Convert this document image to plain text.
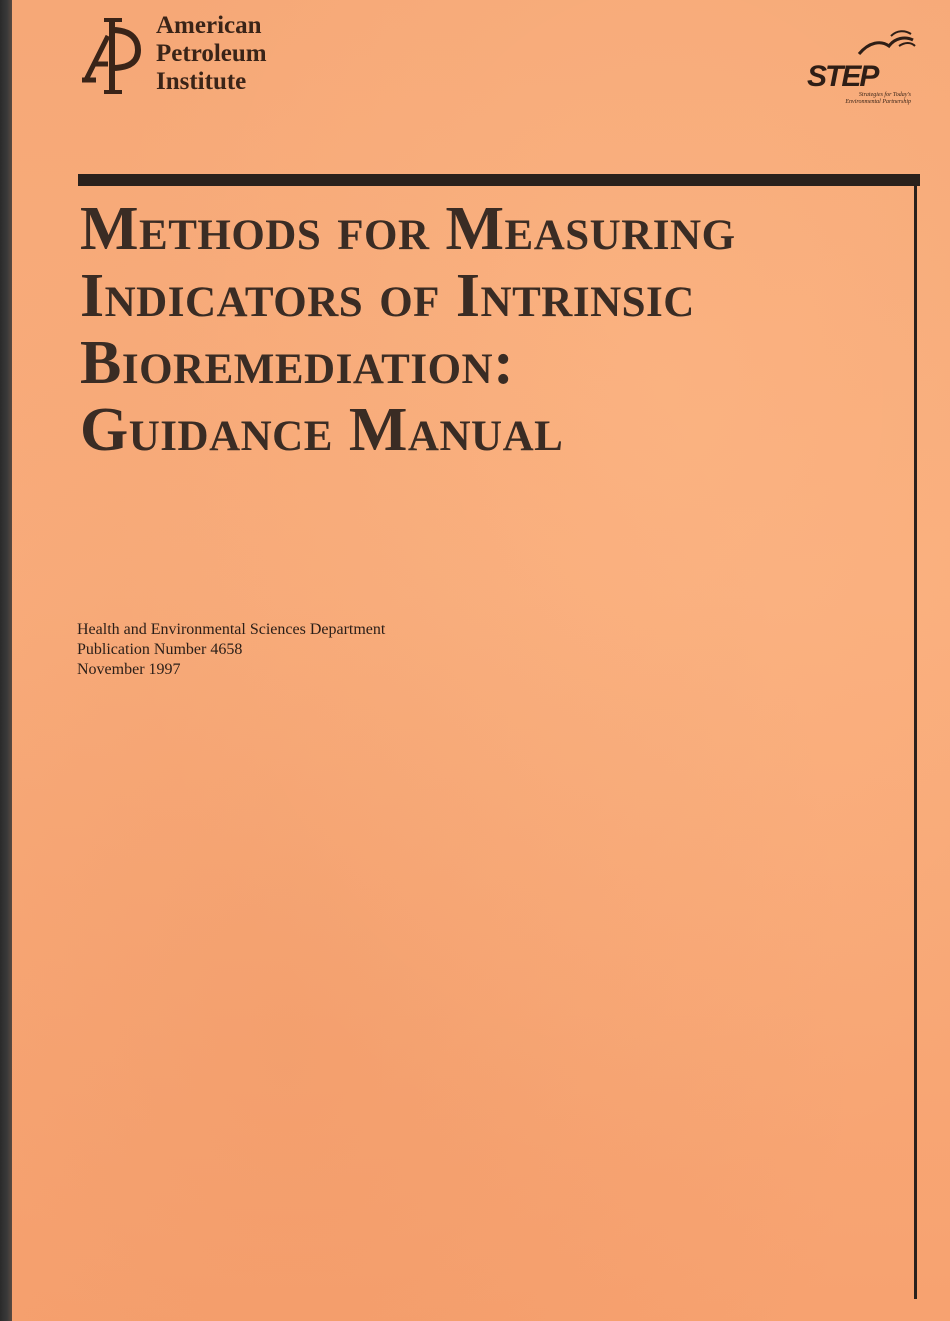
American
Petroleum
Institute	STEP
Strategies for Today's
Environmental Partnership
Methods for Measuring
Indicators of Intrinsic
Bioremediation:
Guidance Manual
Health and Environmental Sciences Department
Publication Number 4658
November 1997
